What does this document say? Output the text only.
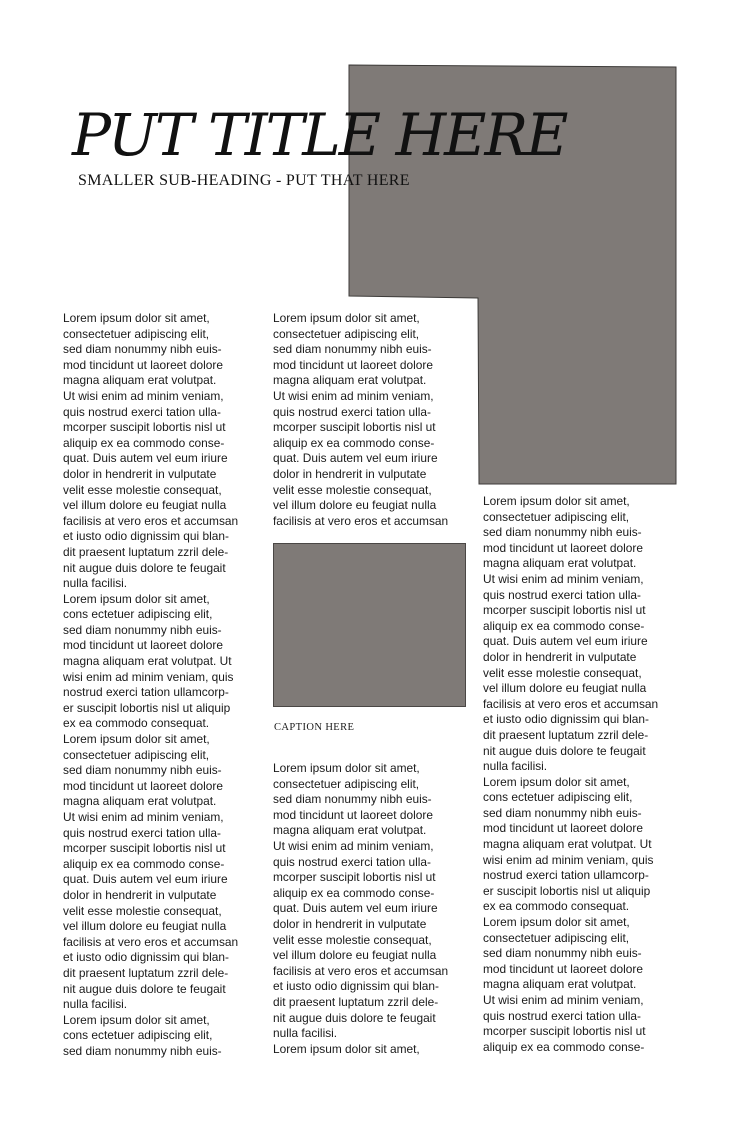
PUT TITLE HERE
SMALLER SUB-HEADING - PUT THAT HERE
Lorem ipsum dolor sit amet,
consectetuer adipiscing elit,
sed diam nonummy nibh euis-
mod tincidunt ut laoreet dolore
magna aliquam erat volutpat.
Ut wisi enim ad minim veniam,
quis nostrud exerci tation ulla-
mcorper suscipit lobortis nisl ut
aliquip ex ea commodo conse-
quat. Duis autem vel eum iriure
dolor in hendrerit in vulputate
velit esse molestie consequat,
vel illum dolore eu feugiat nulla
facilisis at vero eros et accumsan
et iusto odio dignissim qui blan-
dit praesent luptatum zzril dele-
nit augue duis dolore te feugait
nulla facilisi.
Lorem ipsum dolor sit amet,
cons ectetuer adipiscing elit,
sed diam nonummy nibh euis-
mod tincidunt ut laoreet dolore
magna aliquam erat volutpat. Ut
wisi enim ad minim veniam, quis
nostrud exerci tation ullamcorp-
er suscipit lobortis nisl ut aliquip
ex ea commodo consequat.
Lorem ipsum dolor sit amet,
consectetuer adipiscing elit,
sed diam nonummy nibh euis-
mod tincidunt ut laoreet dolore
magna aliquam erat volutpat.
Ut wisi enim ad minim veniam,
quis nostrud exerci tation ulla-
mcorper suscipit lobortis nisl ut
aliquip ex ea commodo conse-
quat. Duis autem vel eum iriure
dolor in hendrerit in vulputate
velit esse molestie consequat,
vel illum dolore eu feugiat nulla
facilisis at vero eros et accumsan
et iusto odio dignissim qui blan-
dit praesent luptatum zzril dele-
nit augue duis dolore te feugait
nulla facilisi.
Lorem ipsum dolor sit amet,
cons ectetuer adipiscing elit,
sed diam nonummy nibh euis-
Lorem ipsum dolor sit amet,
consectetuer adipiscing elit,
sed diam nonummy nibh euis-
mod tincidunt ut laoreet dolore
magna aliquam erat volutpat.
Ut wisi enim ad minim veniam,
quis nostrud exerci tation ulla-
mcorper suscipit lobortis nisl ut
aliquip ex ea commodo conse-
quat. Duis autem vel eum iriure
dolor in hendrerit in vulputate
velit esse molestie consequat,
vel illum dolore eu feugiat nulla
facilisis at vero eros et accumsan
CAPTION HERE
Lorem ipsum dolor sit amet,
consectetuer adipiscing elit,
sed diam nonummy nibh euis-
mod tincidunt ut laoreet dolore
magna aliquam erat volutpat.
Ut wisi enim ad minim veniam,
quis nostrud exerci tation ulla-
mcorper suscipit lobortis nisl ut
aliquip ex ea commodo conse-
quat. Duis autem vel eum iriure
dolor in hendrerit in vulputate
velit esse molestie consequat,
vel illum dolore eu feugiat nulla
facilisis at vero eros et accumsan
et iusto odio dignissim qui blan-
dit praesent luptatum zzril dele-
nit augue duis dolore te feugait
nulla facilisi.
Lorem ipsum dolor sit amet,
Lorem ipsum dolor sit amet,
consectetuer adipiscing elit,
sed diam nonummy nibh euis-
mod tincidunt ut laoreet dolore
magna aliquam erat volutpat.
Ut wisi enim ad minim veniam,
quis nostrud exerci tation ulla-
mcorper suscipit lobortis nisl ut
aliquip ex ea commodo conse-
quat. Duis autem vel eum iriure
dolor in hendrerit in vulputate
velit esse molestie consequat,
vel illum dolore eu feugiat nulla
facilisis at vero eros et accumsan
et iusto odio dignissim qui blan-
dit praesent luptatum zzril dele-
nit augue duis dolore te feugait
nulla facilisi.
Lorem ipsum dolor sit amet,
cons ectetuer adipiscing elit,
sed diam nonummy nibh euis-
mod tincidunt ut laoreet dolore
magna aliquam erat volutpat. Ut
wisi enim ad minim veniam, quis
nostrud exerci tation ullamcorp-
er suscipit lobortis nisl ut aliquip
ex ea commodo consequat.
Lorem ipsum dolor sit amet,
consectetuer adipiscing elit,
sed diam nonummy nibh euis-
mod tincidunt ut laoreet dolore
magna aliquam erat volutpat.
Ut wisi enim ad minim veniam,
quis nostrud exerci tation ulla-
mcorper suscipit lobortis nisl ut
aliquip ex ea commodo conse-
